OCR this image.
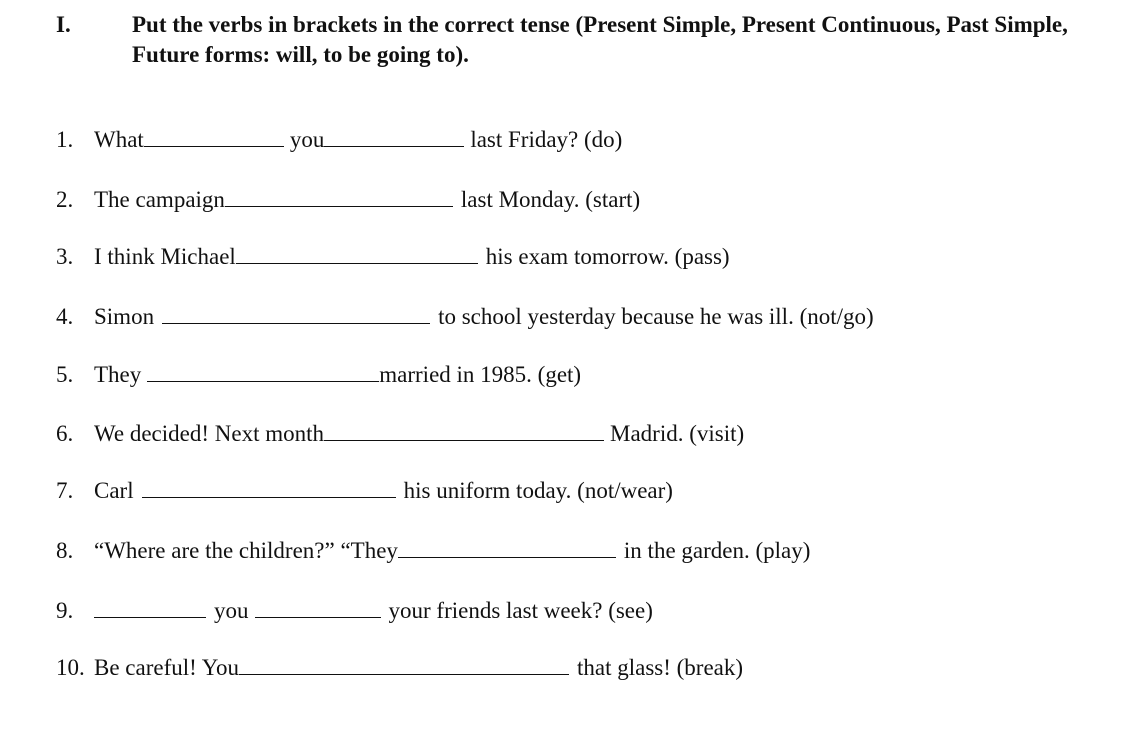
I.	Put the verbs in brackets in the correct tense (Present Simple, Present Continuous, Past Simple, Future forms: will, to be going to).
1. What	you	last Friday? (do)
2. The campaign	last Monday. (start)
3. I think Michael	his exam tomorrow. (pass)
4. Simon	to school yesterday because he was ill. (not/go)
5. They	married in 1985. (get)
6. We decided! Next month	Madrid. (visit)
7. Carl	his uniform today. (not/wear)
8. “Where are the children?” “They	in the garden. (play)
9.	you	your friends last week? (see)
10. Be careful! You	that glass! (break)
